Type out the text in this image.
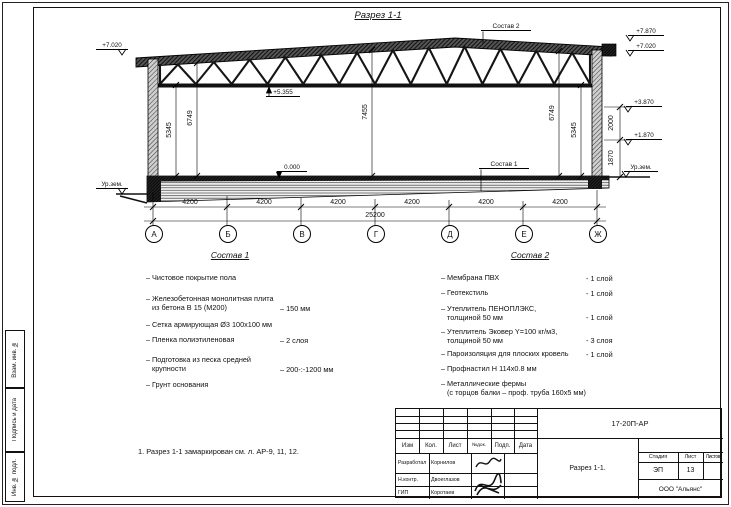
Взам. инв. №
Подпись и дата
Инв. № подл.
Разрез 1-1
+7.020
+5.355
0.000
+7.870
+7.020
+3.870
+1.870
Ур.зем.
Ур.зем.
Состав 2
Состав 1
5345
6749	7455	6749
5345	2000
1870
4200	4200	4200	4200	4200	4200
25200
А	Б	В	Г	Д	Е	Ж
Состав 1
– Чистовое покрытие пола

– Железобетонная монолитная плита
из бетона В 15 (М200)	– 150 мм
– Сетка армирующая Ø3 100х100 мм
– Пленка полиэтиленовая	– 2 слоя
– Подготовка из песка средней
крупности	– 200-:-1200 мм
– Грунт основания
Состав 2
– Мембрана ПВХ	- 1 слой
– Геотекстиль	- 1 слой
– Утеплитель ПЕНОПЛЭКС,
толщиной 50 мм	- 1 слой
– Утеплитель Эковер Y=100 кг/м3,
толщиной 50 мм	- 3 слоя
– Пароизоляция для плоских кровель	- 1 слой
– Профнастил Н 114х0.8 мм
– Металлические фермы
(с торцов балки – проф. труба 160х5 мм)
1. Разрез 1-1 замаркирован см. л. АР-9, 11, 12.
Изм	Кол.	Лист	№док.	Подп.	Дата
Разработал Корнилов
Н.контр.	Двоеглазов
ГИП	Коротаев
17-20П-АР
Разрез 1-1.
Стадия	Лист	Листов
ЭП	13
ООО "Альянс"
